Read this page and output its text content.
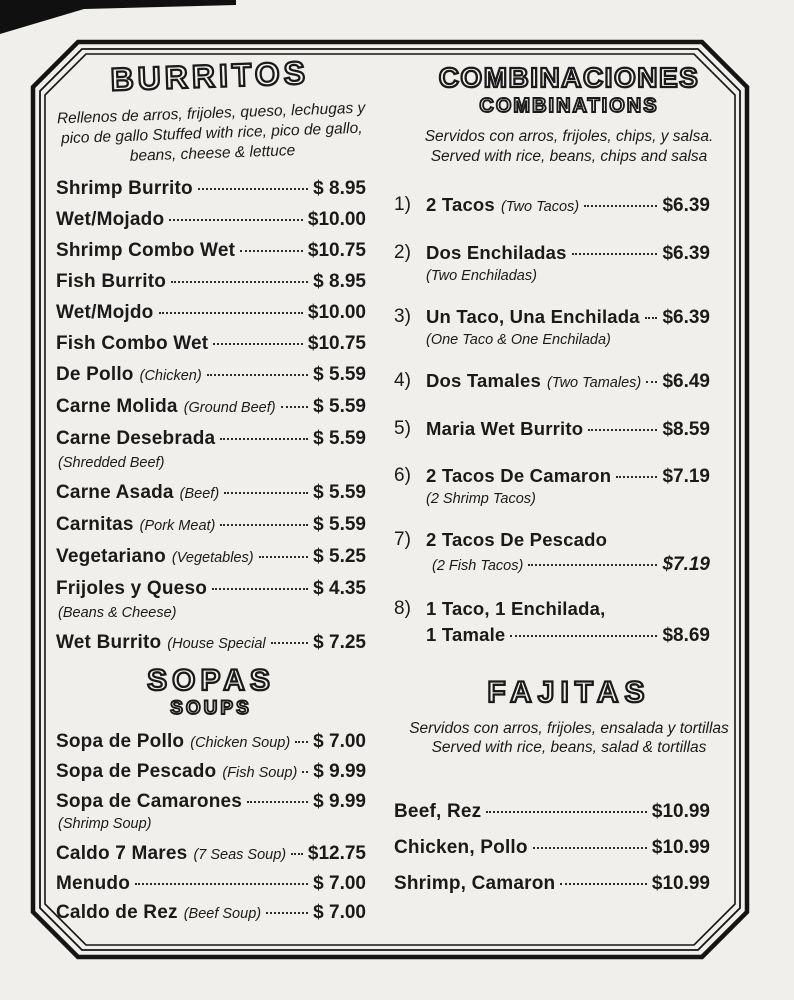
BURRITOS
Rellenos de arros, frijoles, queso, lechugas y
pico de gallo Stuffed with rice, pico de gallo,
beans, cheese & lettuce
Shrimp Burrito	$ 8.95
Wet/Mojado	$10.00
Shrimp Combo Wet	$10.75
Fish Burrito	$ 8.95
Wet/Mojdo	$10.00
Fish Combo Wet	$10.75
De Pollo (Chicken)	$ 5.59
Carne Molida (Ground Beef) $ 5.59
Carne Desebrada	$ 5.59
(Shredded Beef)
Carne Asada (Beef)	$ 5.59
Carnitas (Pork Meat)	$ 5.59
Vegetariano (Vegetables)	$ 5.25
Frijoles y Queso	$ 4.35
(Beans & Cheese)
Wet Burrito (House Special	$ 7.25
SOPAS
SOUPS
Sopa de Pollo (Chicken Soup) $ 7.00
Sopa de Pescado (Fish Soup) $ 9.99
Sopa de Camarones	$ 9.99
(Shrimp Soup)
Caldo 7 Mares (7 Seas Soup) $12.75
Menudo	$ 7.00
Caldo de Rez (Beef Soup)	$ 7.00
COMBINACIONES
COMBINATIONS
Servidos con arros, frijoles, chips, y salsa.
Served with rice, beans, chips and salsa
1) 2 Tacos (Two Tacos)	$6.39
2) Dos Enchiladas	$6.39
(Two Enchiladas)
3) Un Taco, Una Enchilada $6.39
(One Taco & One Enchilada)
4) Dos Tamales (Two Tamales) $6.49
5) Maria Wet Burrito	$8.59
6) 2 Tacos De Camaron	$7.19
(2 Shrimp Tacos)
7) 2 Tacos De Pescado
(2 Fish Tacos)	$7.19
8) 1 Taco, 1 Enchilada,
1 Tamale	$8.69
FAJITAS
Servidos con arros, frijoles, ensalada y tortillas
Served with rice, beans, salad & tortillas
Beef, Rez	$10.99
Chicken, Pollo	$10.99
Shrimp, Camaron	$10.99
